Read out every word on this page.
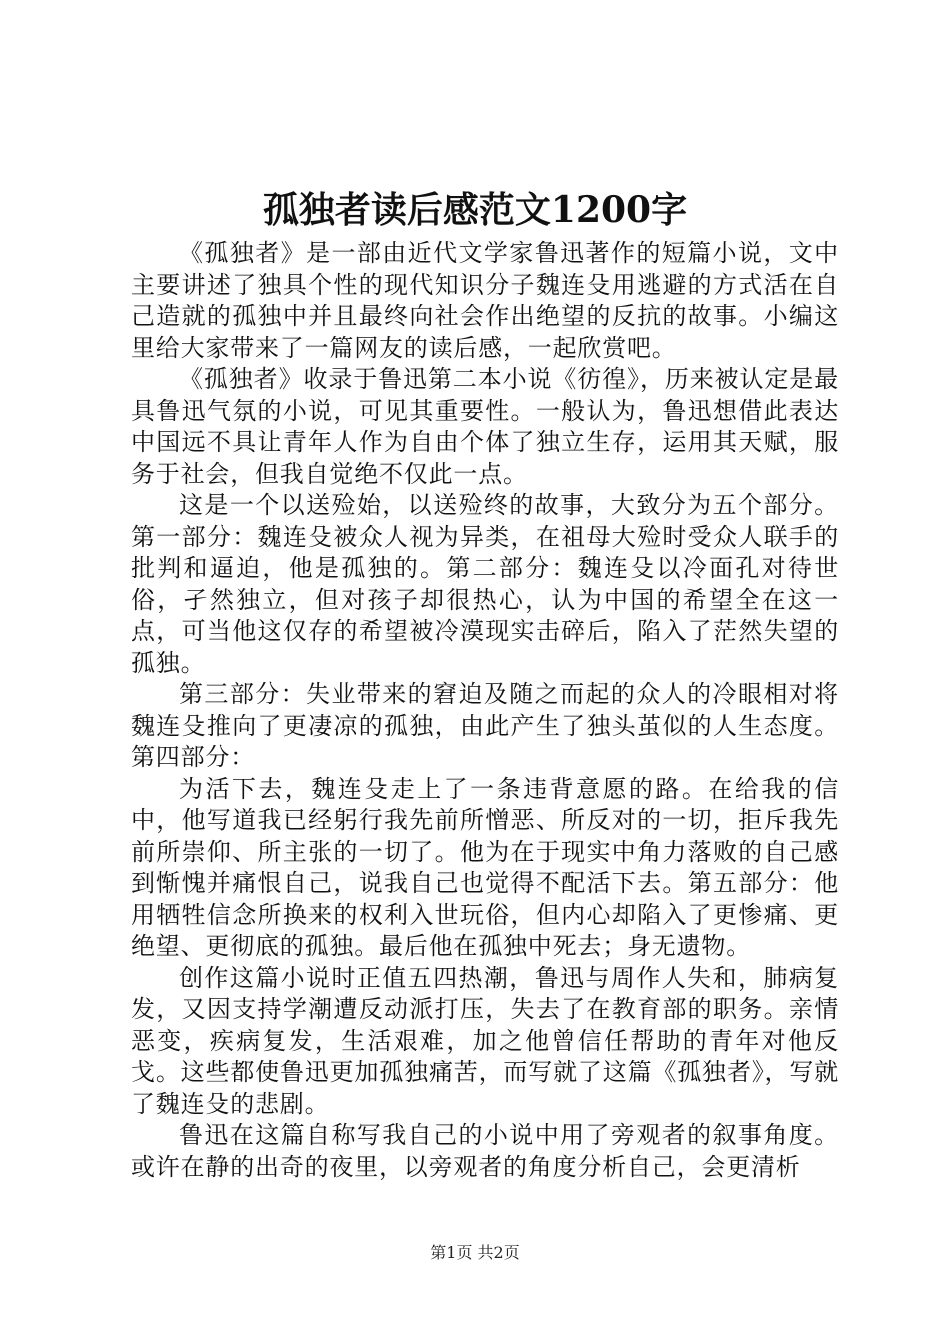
孤独者读后感范文1200字

《孤独者》是一部由近代文学家鲁迅著作的短篇小说，文中主要讲述了独具个性的现代知识分子魏连殳用逃避的方式活在自己造就的孤独中并且最终向社会作出绝望的反抗的故事。小编这里给大家带来了一篇网友的读后感，一起欣赏吧。

《孤独者》收录于鲁迅第二本小说《彷徨》，历来被认定是最具鲁迅气氛的小说，可见其重要性。一般认为，鲁迅想借此表达中国远不具让青年人作为自由个体了独立生存，运用其天赋，服务于社会，但我自觉绝不仅此一点。

这是一个以送殓始，以送殓终的故事，大致分为五个部分。第一部分：魏连殳被众人视为异类，在祖母大殓时受众人联手的批判和逼迫，他是孤独的。第二部分：魏连殳以冷面孔对待世俗，孑然独立，但对孩子却很热心，认为中国的希望全在这一点，可当他这仅存的希望被冷漠现实击碎后，陷入了茫然失望的孤独。

第三部分：失业带来的窘迫及随之而起的众人的冷眼相对将魏连殳推向了更凄凉的孤独，由此产生了独头茧似的人生态度。第四部分：

为活下去，魏连殳走上了一条违背意愿的路。在给我的信中，他写道我已经躬行我先前所憎恶、所反对的一切，拒斥我先前所崇仰、所主张的一切了。他为在于现实中角力落败的自己感到惭愧并痛恨自己，说我自己也觉得不配活下去。第五部分：他用牺牲信念所换来的权利入世玩俗，但内心却陷入了更惨痛、更绝望、更彻底的孤独。最后他在孤独中死去；身无遗物。

创作这篇小说时正值五四热潮，鲁迅与周作人失和，肺病复发，又因支持学潮遭反动派打压，失去了在教育部的职务。亲情恶变，疾病复发，生活艰难，加之他曾信任帮助的青年对他反戈。这些都使鲁迅更加孤独痛苦，而写就了这篇《孤独者》，写就了魏连殳的悲剧。

鲁迅在这篇自称写我自己的小说中用了旁观者的叙事角度。或许在静的出奇的夜里，以旁观者的角度分析自己，会更清析

第1页 共2页
